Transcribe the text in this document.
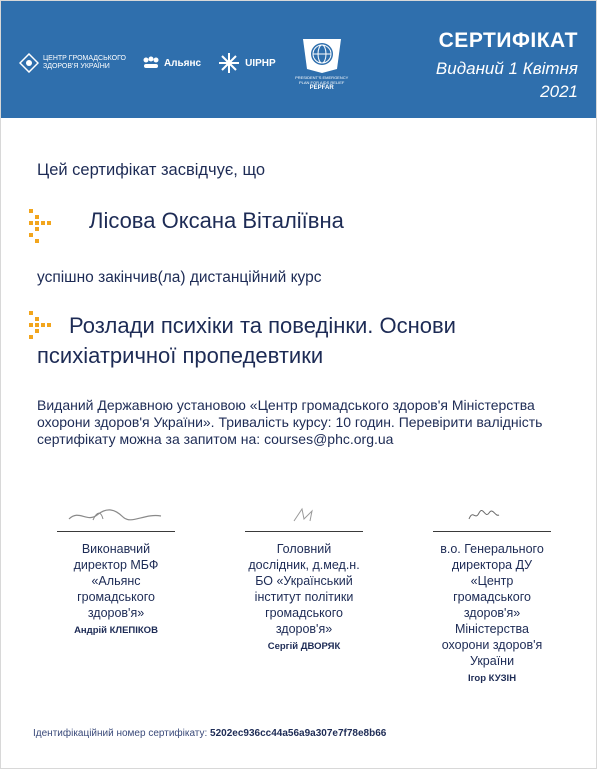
ЦЕНТР ГРОМАДСЬКОГО
ЗДОРОВ'Я УКРАЇНИ	Альянс	UIPHP
PRESIDENT'S EMERGENCY PLAN FOR AIDS RELIEF
PEPFAR
СЕРТИФІКАТ
Виданий 1 Квітня
2021
Цей сертифікат засвідчує, що
Лісова Оксана Віталіївна
успішно закінчив(ла) дистанційний курс
Розлади психіки та поведінки. Основи психіатричної пропедевтики
Виданий Державною установою «Центр громадського здоров'я Міністерства охорони здоров'я України». Тривалість курсу: 10 годин. Перевірити валідність сертифікату можна за запитом на: courses@phc.org.ua
Виконавчий директор МБФ «Альянс громадського здоров'я»
Андрій КЛЕПІКОВ
Головний дослідник, д.мед.н. БО «Український інститут політики громадського здоров'я»
Сергій ДВОРЯК
в.о. Генерального директора ДУ «Центр громадського здоров'я» Міністерства охорони здоров'я України
Ігор КУЗІН
Ідентифікаційний номер сертифікату: 5202ec936cc44a56a9a307e7f78e8b66
